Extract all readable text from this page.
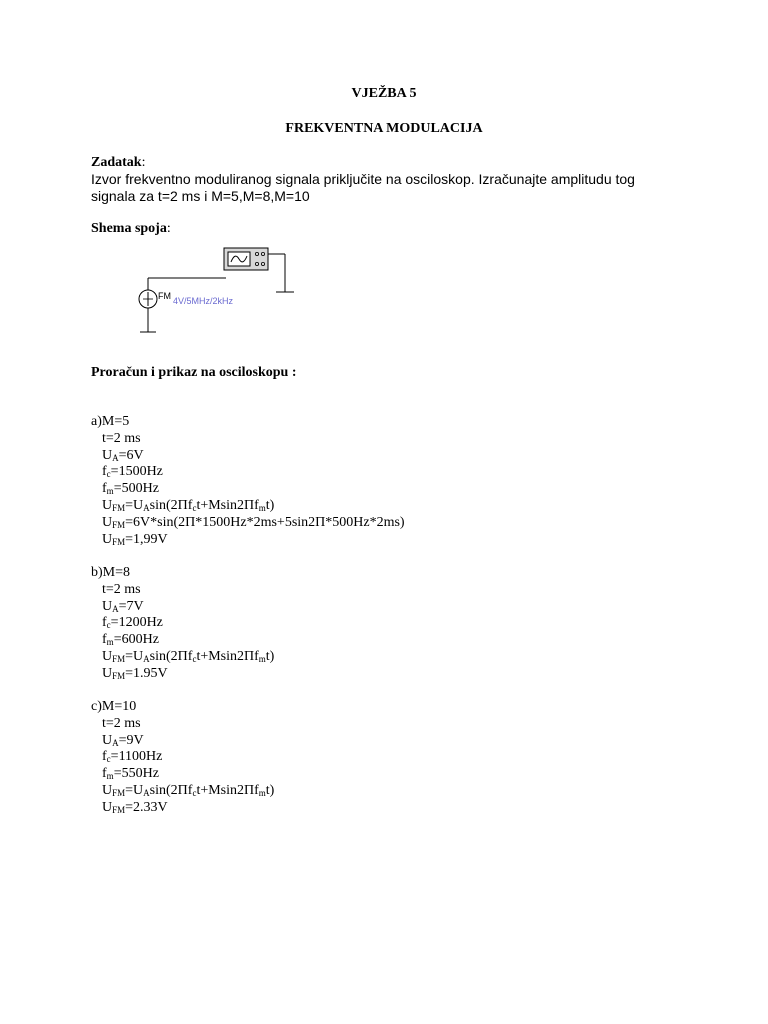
VJEŽBA 5
FREKVENTNA MODULACIJA
Zadatak:
Izvor frekventno moduliranog signala priključite na osciloskop. Izračunajte amplitudu tog
signala za t=2 ms i M=5,M=8,M=10
Shema spoja:
FM 4V/5MHz/2kHz
Proračun i prikaz na osciloskopu :
a)M=5
t=2 ms
$U_A=6V$
$f_c=1500Hz$
$f_m=500Hz$
$U_{FM}=U_A\sin(2\Pi f_ct+Msin2\Pi f_mt)$
$U_{FM}=6V*\sin(2\Pi*1500Hz*2ms+5\sin 2\Pi*500Hz*2ms)$
$U_{FM}=1,99V$
b)M=8
t=2 ms
$U_A=7V$
$f_c=1200Hz$
$f_m=600Hz$
$U_{FM}=U_A\sin(2\Pi f_ct+Msin2\Pi f_mt)$
$U_{FM}=1.95V$
c)M=10
t=2 ms
$U_A=9V$
$f_c=1100Hz$
$f_m=550Hz$
$U_{FM}=U_A\sin(2\Pi f_ct+Msin2\Pi f_mt)$
$U_{FM}=2.33V$
